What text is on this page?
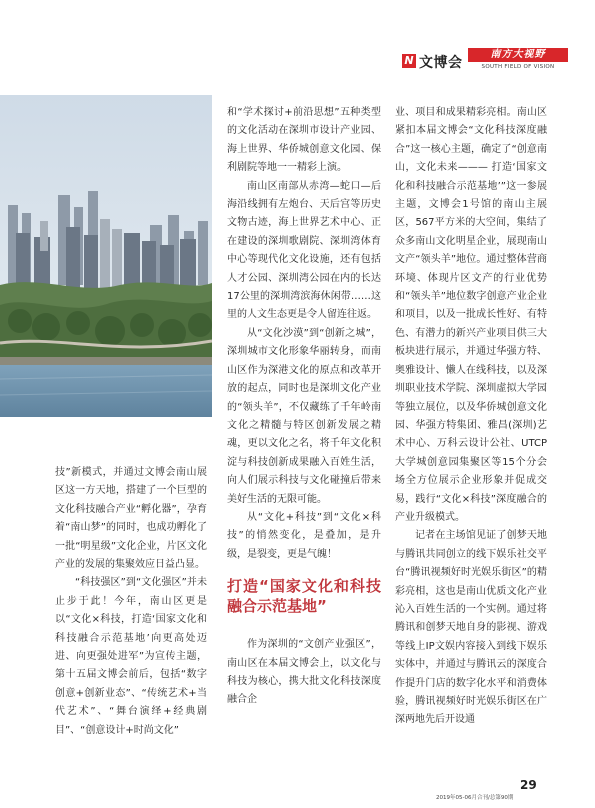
N 文博会
南方大视野
SOUTH FIELD OF VISION

技”新模式，并通过文博会南山展区这一方天地，搭建了一个巨型的文化科技融合产业“孵化器”，孕育着“南山梦”的同时，也成功孵化了一批“明星级”文化企业，片区文化产业的发展的集聚效应日益凸显。

“科技强区”到“文化强区”并未止步于此！今年，南山区更是以“文化×科技，打造‘国家文化和科技融合示范基地’向更高处迈进、向更强处进军”为宣传主题，第十五届文博会前后，包括“数字创意+创新业态”、“传统艺术+当代艺术”、“舞台演绎+经典剧目”、“创意设计+时尚文化”

和“学术探讨+前沿思想”五种类型的文化活动在深圳市设计产业园、海上世界、华侨城创意文化园、保利剧院等地一一精彩上演。

南山区南部从赤湾—蛇口—后海沿线拥有左炮台、天后宫等历史文物古迹，海上世界艺术中心、正在建设的深圳歌剧院、深圳湾体育中心等现代化文化设施，还有包括人才公园、深圳湾公园在内的长达17公里的深圳湾滨海休闲带……这里的人文生态更是令人留连往返。

从“文化沙漠”到“创新之城”，深圳城市文化形象华丽转身，而南山区作为深港文化的原点和改革开放的起点，同时也是深圳文化产业的“领头羊”，不仅藏练了千年岭南文化之精髓与特区创新发展之精魂，更以文化之名，将千年文化积淀与科技创新成果融入百姓生活，向人们展示科技与文化碰撞后带来美好生活的无限可能。

从“文化+科技”到“文化×科技”的悄然变化，是叠加，是升级，是裂变，更是气魄！

打造“国家文化和科技融合示范基地”

作为深圳的“文创产业强区”，南山区在本届文博会上，以文化与科技为核心，携大批文化科技深度融合企

业、项目和成果精彩亮相。南山区紧扣本届文博会“文化科技深度融合”这一核心主题，确定了“创意南山，文化未来——— 打造‘国家文化和科技融合示范基地’”这一参展主题，文博会1号馆的南山主展区，567平方米的大空间，集结了众多南山文化明星企业，展现南山文产“领头羊”地位。通过整体营商环境、体现片区文产的行业优势和“领头羊”地位数字创意产业企业和项目，以及一批成长性好、有特色、有潜力的新兴产业项目供三大板块进行展示，并通过华强方特、奥雅设计、懒人在线科技，以及深圳职业技术学院、深圳虚拟大学园等独立展位，以及华侨城创意文化园、华强方特集团、雅昌(深圳)艺术中心、万科云设计公社、UTCP大学城创意园集聚区等15个分会场全方位展示企业形象并促成交易，践行“文化×科技”深度融合的产业升级模式。

记者在主场馆见证了创梦天地与腾讯共同创立的线下娱乐社交平台“腾讯视频好时光娱乐街区”的精彩亮相，这也是南山优质文化产业沁入百姓生活的一个实例。通过将腾讯和创梦天地自身的影视、游戏等线上IP文娱内容接入到线下娱乐实体中，并通过与腾讯云的深度合作提升门店的数字化水平和消费体验，腾讯视频好时光娱乐街区在广深两地先后开设通

29
2019年05-06月合刊/总第90期
